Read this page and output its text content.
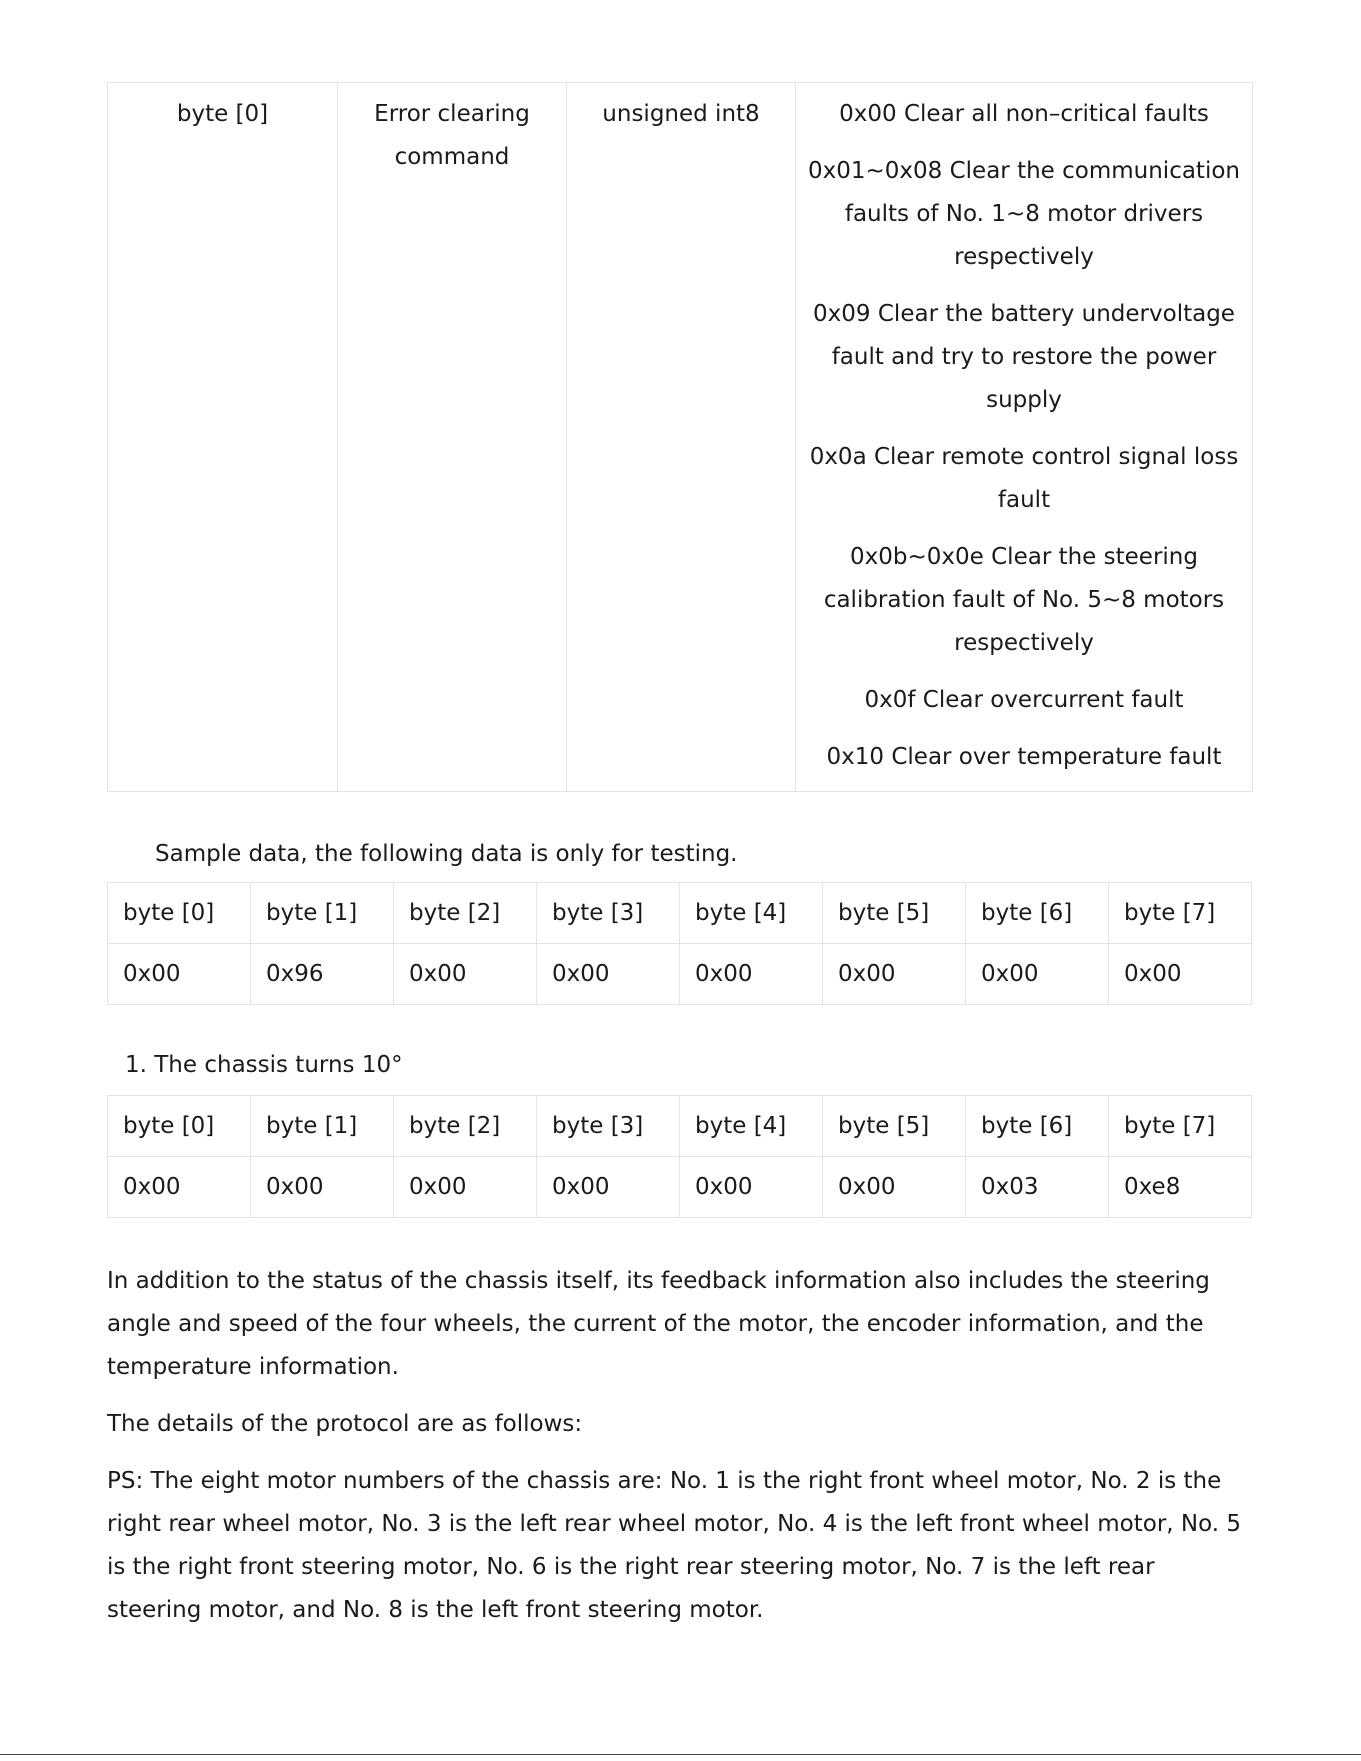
byte [0]	Error clearing command	unsigned int8	0x00 Clear all non–critical faults
0x01~0x08 Clear the communication faults of No. 1~8 motor drivers respectively
0x09 Clear the battery undervoltage fault and try to restore the power supply
0x0a Clear remote control signal loss fault
0x0b~0x0e Clear the steering calibration fault of No. 5~8 motors respectively
0x0f Clear overcurrent fault
0x10 Clear over temperature fault
Sample data, the following data is only for testing.
byte [0]	byte [1]	byte [2]	byte [3]	byte [4]	byte [5]	byte [6]	byte [7]
0x00	0x96	0x00	0x00	0x00	0x00	0x00	0x00
1. The chassis turns 10°
byte [0]	byte [1]	byte [2]	byte [3]	byte [4]	byte [5]	byte [6]	byte [7]
0x00	0x00	0x00	0x00	0x00	0x00	0x03	0xe8

In addition to the status of the chassis itself, its feedback information also includes the steering angle and speed of the four wheels, the current of the motor, the encoder information, and the temperature information.

The details of the protocol are as follows:

PS: The eight motor numbers of the chassis are: No. 1 is the right front wheel motor, No. 2 is the right rear wheel motor, No. 3 is the left rear wheel motor, No. 4 is the left front wheel motor, No. 5 is the right front steering motor, No. 6 is the right rear steering motor, No. 7 is the left rear steering motor, and No. 8 is the left front steering motor.
